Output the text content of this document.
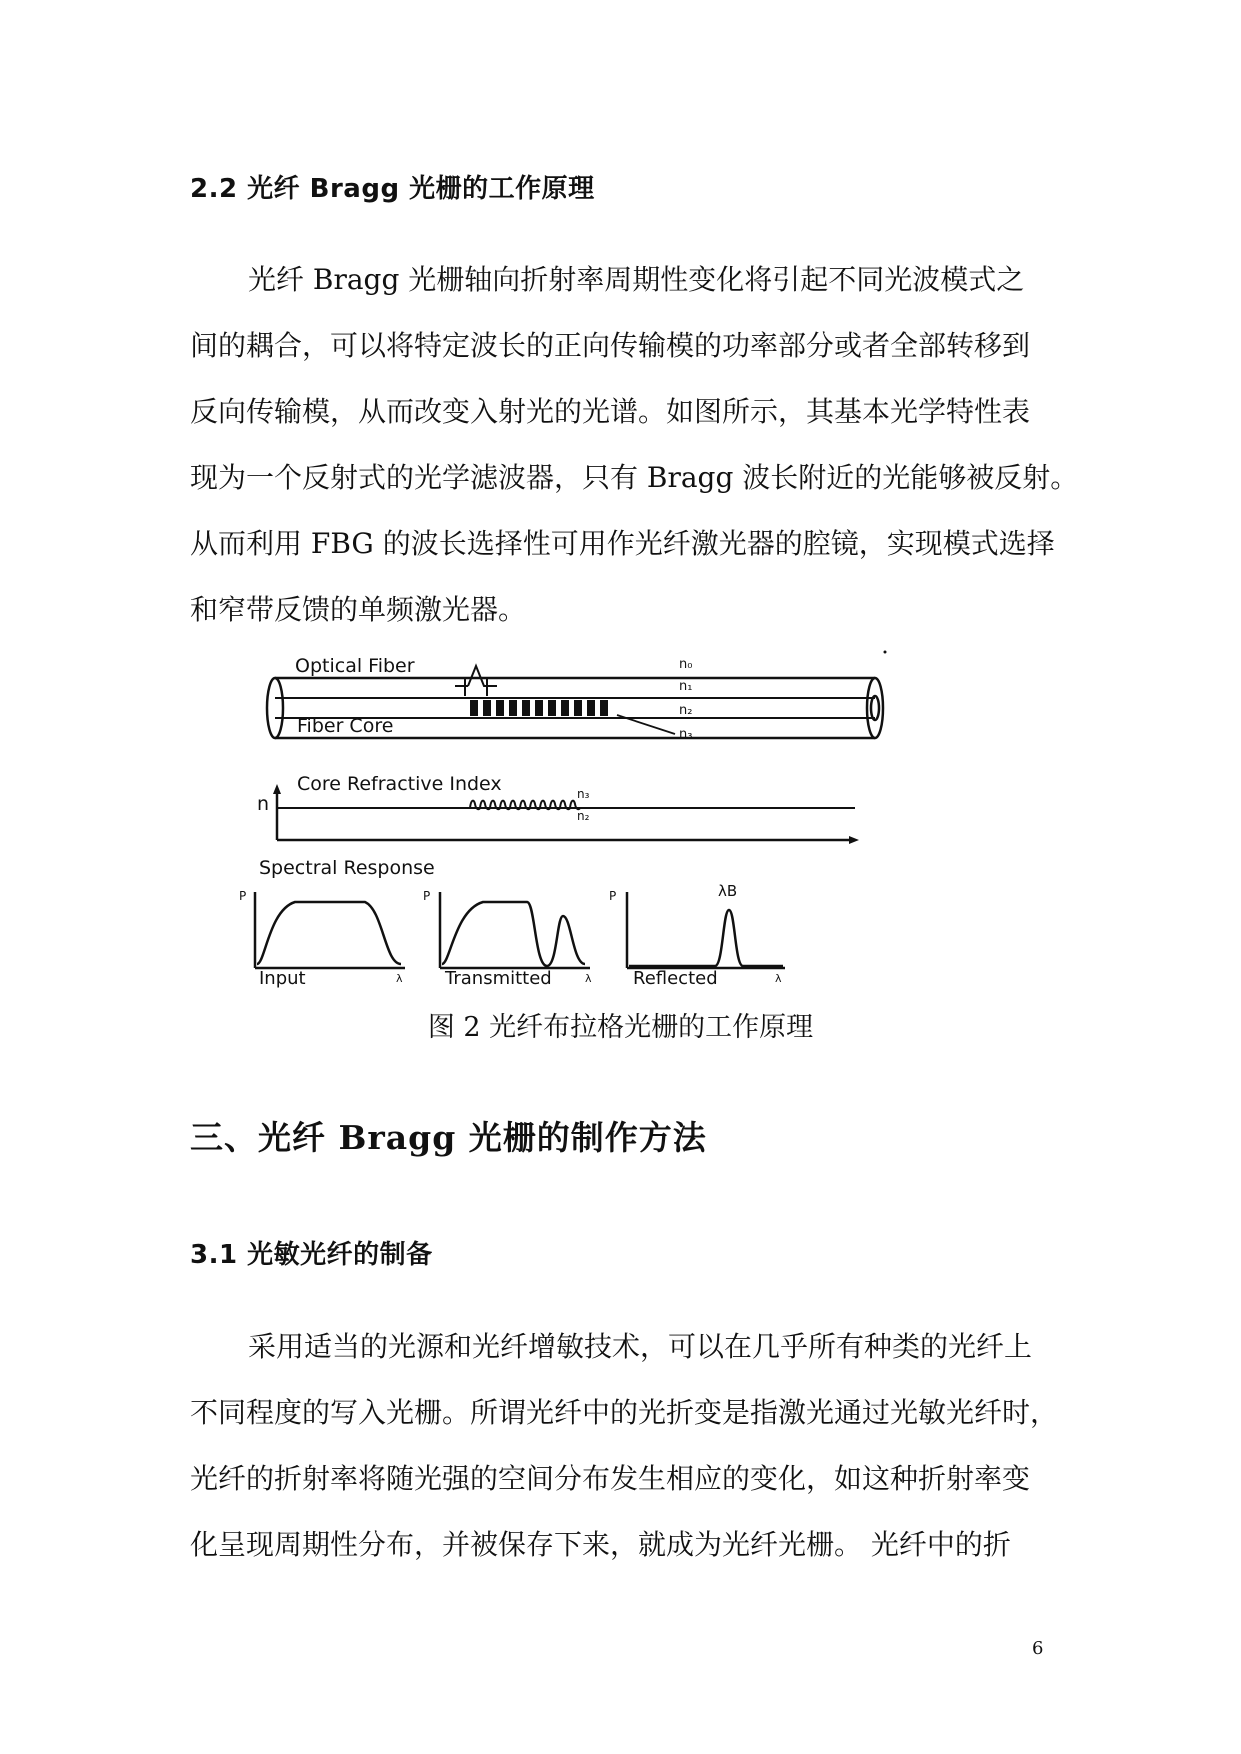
2.2 光纤 Bragg 光栅的工作原理
光纤 Bragg 光栅轴向折射率周期性变化将引起不同光波模式之
间的耦合，可以将特定波长的正向传输模的功率部分或者全部转移到
反向传输模，从而改变入射光的光谱。如图所示，其基本光学特性表
现为一个反射式的光学滤波器，只有 Bragg 波长附近的光能够被反射。
从而利用 FBG 的波长选择性可用作光纤激光器的腔镜，实现模式选择
和窄带反馈的单频激光器。
Optical Fiber
Fiber Core
n₀
n₁
n₂
n₃
Core Refractive Index
n	n₃
n₂
Spectral Response
P
Input	λ
P
Transmitted	λ
P	λB
Reflected	λ
图 2 光纤布拉格光栅的工作原理
三、光纤 Bragg 光栅的制作方法
3.1 光敏光纤的制备
采用适当的光源和光纤增敏技术，可以在几乎所有种类的光纤上
不同程度的写入光栅。所谓光纤中的光折变是指激光通过光敏光纤时，
光纤的折射率将随光强的空间分布发生相应的变化，如这种折射率变
化呈现周期性分布，并被保存下来，就成为光纤光栅。 光纤中的折
6
